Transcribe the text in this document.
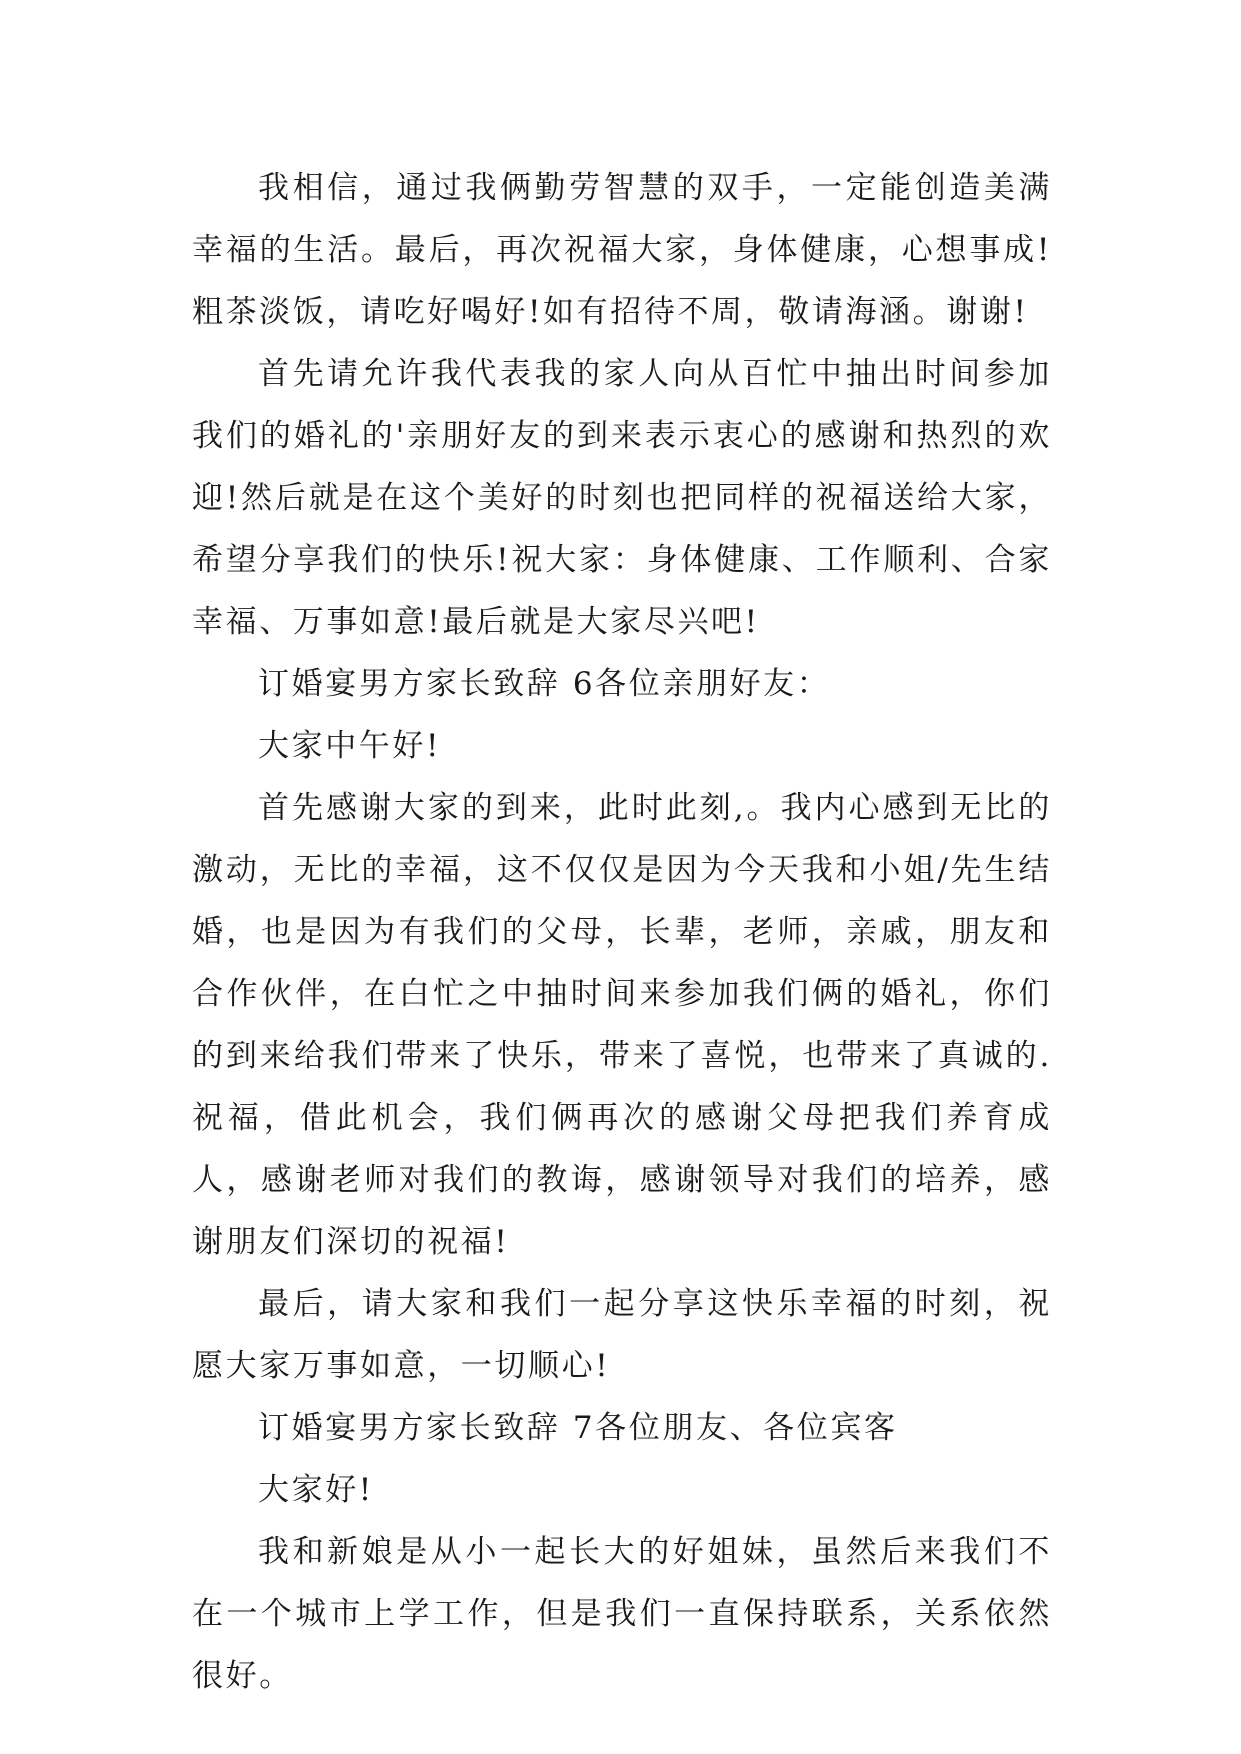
我相信，通过我俩勤劳智慧的双手，一定能创造美满幸福的生活。最后，再次祝福大家，身体健康，心想事成!粗茶淡饭，请吃好喝好!如有招待不周，敬请海涵。谢谢!

首先请允许我代表我的家人向从百忙中抽出时间参加我们的婚礼的'亲朋好友的到来表示衷心的感谢和热烈的欢迎!然后就是在这个美好的时刻也把同样的祝福送给大家，希望分享我们的快乐!祝大家：身体健康、工作顺利、合家幸福、万事如意!最后就是大家尽兴吧!

订婚宴男方家长致辞 6各位亲朋好友：

大家中午好!

首先感谢大家的到来，此时此刻,。我内心感到无比的激动，无比的幸福，这不仅仅是因为今天我和小姐/先生结婚，也是因为有我们的父母，长辈，老师，亲戚，朋友和合作伙伴，在白忙之中抽时间来参加我们俩的婚礼，你们的到来给我们带来了快乐，带来了喜悦，也带来了真诚的.祝福，借此机会，我们俩再次的感谢父母把我们养育成人，感谢老师对我们的教诲，感谢领导对我们的培养，感谢朋友们深切的祝福!

最后，请大家和我们一起分享这快乐幸福的时刻，祝愿大家万事如意，一切顺心!

订婚宴男方家长致辞 7各位朋友、各位宾客

大家好!

我和新娘是从小一起长大的好姐妹，虽然后来我们不在一个城市上学工作，但是我们一直保持联系，关系依然很好。
